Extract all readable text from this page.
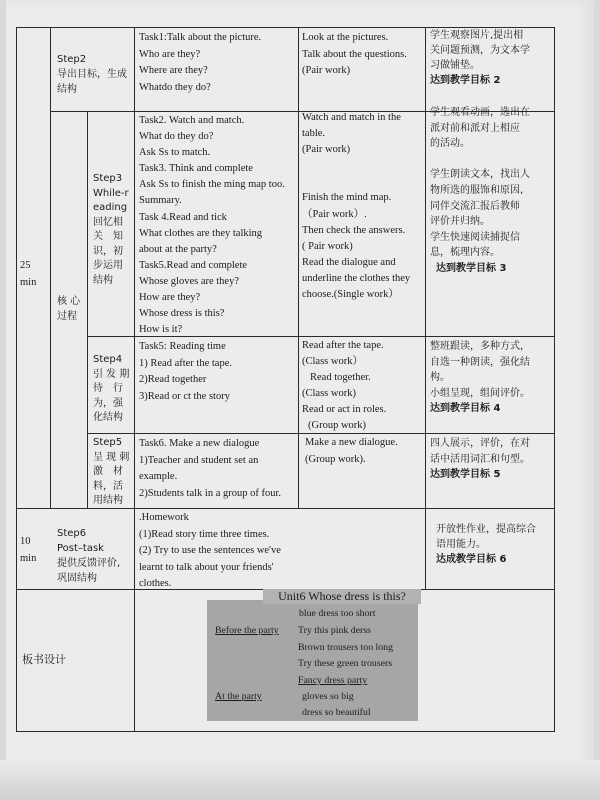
25
min
10
min
核 心
过程
Step2
导出目标，生成
结构
Task1:Talk about the picture.
Who are they?
Where are they?
Whatdo they do?
Look at the pictures.
Talk about the questions.
(Pair work)
学生观察图片,提出相
关问题预测，为文本学
习做铺垫。
达到教学目标 2
Step3
While-r
eading
回忆相
关　知
识，初
步运用
结构
Task2. Watch and match.
What do they do?
Ask Ss to match.
Task3. Think and complete
Ask Ss to finish the ming map too.
Summary.
Task 4.Read and tick
What clothes are they talking
about at the party?
Task5.Read and complete
Whose gloves are they?
How are they?
Whose dress is this?
How is it?
Watch and match in the
table.
(Pair work)

Finish the mind map.
（Pair work）.
Then check the answers.
( Pair work)
Read the dialogue and
underline the clothes they
choose.(Single work）
学生观看动画，选出在
派对前和派对上相应
的活动。

学生朗读文本，找出人
物所选的服饰和原因,
同伴交流汇报后教师
评价并归纳。
学生快速阅读捕捉信
息，梳理内容。
达到教学目标 3
Step4
引 发 期
待　行
为，强
化结构
Task5: Reading time
1) Read after the tape.
2)Read together
3)Read or ct the story
Read after the tape.
(Class work）
Read together.
(Class work)
Read or act in roles.
(Group work)
整班跟读，多种方式，
自选一种朗读，强化结
构。
小组呈现，组间评价。
达到教学目标 4
Step5
呈 现 刺
激　材
料，活
用结构
Task6. Make a new dialogue
1)Teacher and student set an
example.
2)Students talk in a group of four.
Make a new dialogue.
(Group work).
四人展示，评价，在对
话中活用词汇和句型。
达到教学目标 5
Step6
Post–task
提供反馈评价,
巩固结构
.Homework
(1)Read story time three times.
(2) Try to use the sentences we've
learnt to talk about your friends'
clothes.
开放性作业，提高综合
语用能力。
达成教学目标 6
板书设计
blue dress too short
Before the party Try this pink derss
Brown trousers too long
Try these green trousers
Fancy dress party
At the party	gloves so big
dress so beautiful
Unit6 Whose dress is this?
